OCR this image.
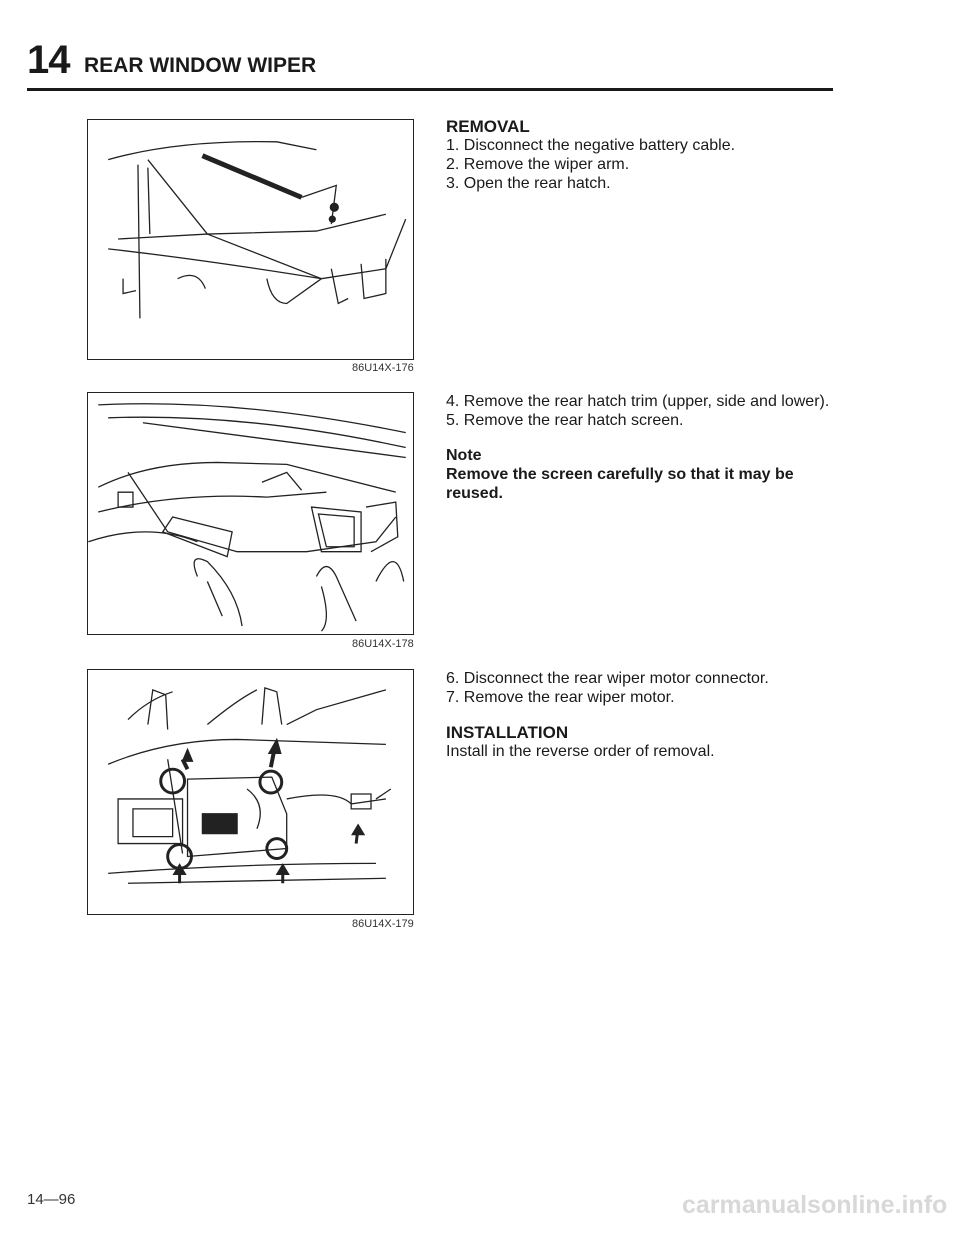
14 REAR WINDOW WIPER
86U14X-176
86U14X-178
86U14X-179

REMOVAL

1. Disconnect the negative battery cable.

2. Remove the wiper arm.

3. Open the rear hatch.

4. Remove the rear hatch trim (upper, side and lower).

5. Remove the rear hatch screen.

Note

Remove the screen carefully so that it may be reused.

6. Disconnect the rear wiper motor connector.

7. Remove the rear wiper motor.

INSTALLATION

Install in the reverse order of removal.

14—96	carmanualsonline.info
